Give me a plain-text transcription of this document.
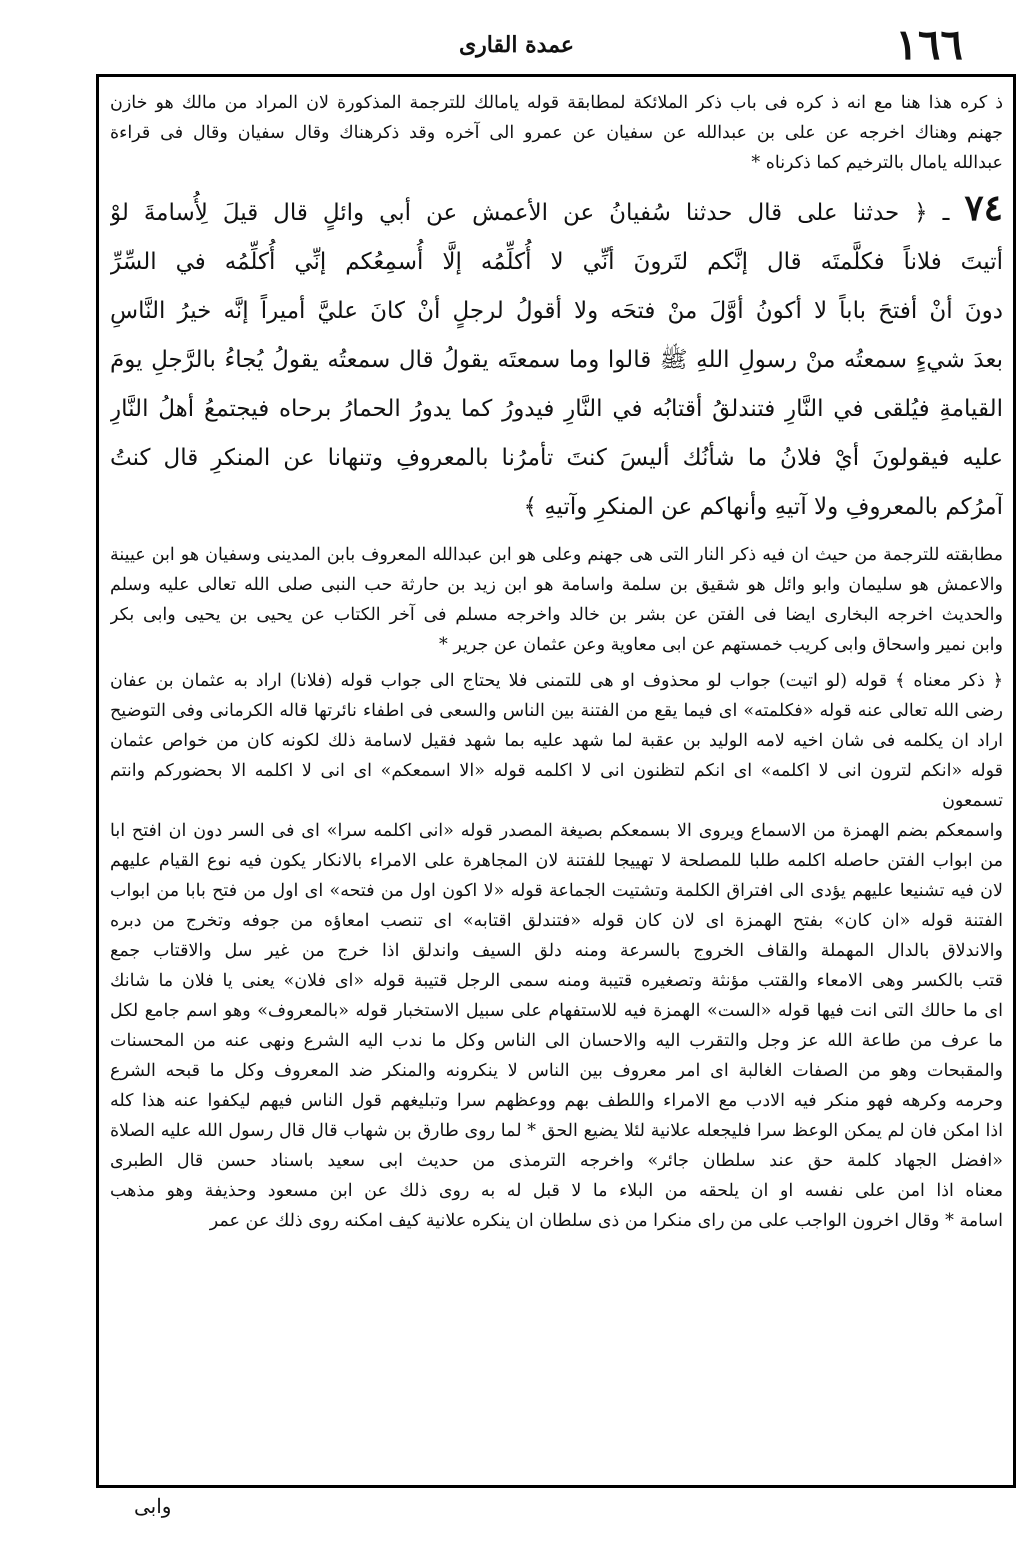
١٦٦
عمدة القارى

ذ كره هذا هنا مع انه ذ كره فى باب ذكر الملائكة لمطابقة قوله يامالك للترجمة المذكورة لان المراد من مالك هو خازن

جهنم وهناك اخرجه عن على بن عبدالله عن سفيان عن عمرو الى آخره وقد ذكرهناك وقال سفيان وقال فى قراءة

عبدالله يامال بالترخيم كما ذكرناه *

٧٤ ـ ﴿ حدثنا على قال حدثنا سُفيانُ عن الأعمش عن أبي وائلٍ قال قيلَ لِأُسامةَ لوْ

أتيتَ فلاناً فكلَّمتَه قال إنَّكم لتَرونَ أنِّي لا أُكلِّمُه إلَّا أُسمِعُكم إنِّي أُكلِّمُه في السِّرِّ

دونَ أنْ أفتحَ باباً لا أكونُ أوَّلَ منْ فتحَه ولا أقولُ لرجلٍ أنْ كانَ عليَّ أميراً إنَّه خيرُ النَّاسِ

بعدَ شيءٍ سمعتُه منْ رسولِ اللهِ ﷺ قالوا وما سمعتَه يقولُ قال سمعتُه يقولُ يُجاءُ بالرَّجلِ يومَ

القيامةِ فيُلقى في النَّارِ فتندلقُ أقتابُه في النَّارِ فيدورُ كما يدورُ الحمارُ برحاه فيجتمعُ أهلُ النَّارِ

عليه فيقولونَ أيْ فلانُ ما شأنُك أليسَ كنتَ تأمرُنا بالمعروفِ وتنهانا عن المنكرِ قال كنتُ

آمرُكم بالمعروفِ ولا آتيهِ وأنهاكم عن المنكرِ وآتيهِ ﴾

مطابقته للترجمة من حيث ان فيه ذكر النار التى هى جهنم وعلى هو ابن عبدالله المعروف بابن المدينى وسفيان هو ابن عيينة

والاعمش هو سليمان وابو وائل هو شقيق بن سلمة واسامة هو ابن زيد بن حارثة حب النبى صلى الله تعالى عليه وسلم

والحديث اخرجه البخارى ايضا فى الفتن عن بشر بن خالد واخرجه مسلم فى آخر الكتاب عن يحيى بن يحيى وابى بكر

وابن نمير واسحاق وابى كريب خمستهم عن ابى معاوية وعن عثمان عن جرير *

﴿ ذكر معناه ﴾ قوله (لو اتيت) جواب لو محذوف او هى للتمنى فلا يحتاج الى جواب قوله (فلانا) اراد به عثمان بن عفان

رضى الله تعالى عنه قوله «فكلمته» اى فيما يقع من الفتنة بين الناس والسعى فى اطفاء نائرتها قاله الكرمانى وفى التوضيح

اراد ان يكلمه فى شان اخيه لامه الوليد بن عقبة لما شهد عليه بما شهد فقيل لاسامة ذلك لكونه كان من خواص عثمان

قوله «انكم لترون انى لا اكلمه» اى انكم لتظنون انى لا اكلمه قوله «الا اسمعكم» اى انى لا اكلمه الا بحضوركم وانتم تسمعون

واسمعكم بضم الهمزة من الاسماع ويروى الا بسمعكم بصيغة المصدر قوله «انى اكلمه سرا» اى فى السر دون ان افتح ابا

من ابواب الفتن حاصله اكلمه طلبا للمصلحة لا تهييجا للفتنة لان المجاهرة على الامراء بالانكار يكون فيه نوع القيام عليهم

لان فيه تشنيعا عليهم يؤدى الى افتراق الكلمة وتشتيت الجماعة قوله «لا اكون اول من فتحه» اى اول من فتح بابا من ابواب

الفتنة قوله «ان كان» بفتح الهمزة اى لان كان قوله «فتندلق اقتابه» اى تنصب امعاؤه من جوفه وتخرج من دبره

والاندلاق بالدال المهملة والقاف الخروج بالسرعة ومنه دلق السيف واندلق اذا خرج من غير سل والاقتاب جمع

قتب بالكسر وهى الامعاء والقتب مؤنثة وتصغيره قتيبة ومنه سمى الرجل قتيبة قوله «اى فلان» يعنى يا فلان ما شانك

اى ما حالك التى انت فيها قوله «الست» الهمزة فيه للاستفهام على سبيل الاستخبار قوله «بالمعروف» وهو اسم جامع لكل

ما عرف من طاعة الله عز وجل والتقرب اليه والاحسان الى الناس وكل ما ندب اليه الشرع ونهى عنه من المحسنات

والمقبحات وهو من الصفات الغالبة اى امر معروف بين الناس لا ينكرونه والمنكر ضد المعروف وكل ما قبحه الشرع

وحرمه وكرهه فهو منكر فيه الادب مع الامراء واللطف بهم ووعظهم سرا وتبليغهم قول الناس فيهم ليكفوا عنه هذا كله

اذا امكن فان لم يمكن الوعظ سرا فليجعله علانية لئلا يضيع الحق * لما روى طارق بن شهاب قال قال رسول الله عليه الصلاة

«افضل الجهاد كلمة حق عند سلطان جائر» واخرجه الترمذى من حديث ابى سعيد باسناد حسن قال الطبرى

معناه اذا امن على نفسه او ان يلحقه من البلاء ما لا قبل له به روى ذلك عن ابن مسعود وحذيفة وهو مذهب

اسامة * وقال اخرون الواجب على من راى منكرا من ذى سلطان ان ينكره علانية كيف امكنه روى ذلك عن عمر

وابى
